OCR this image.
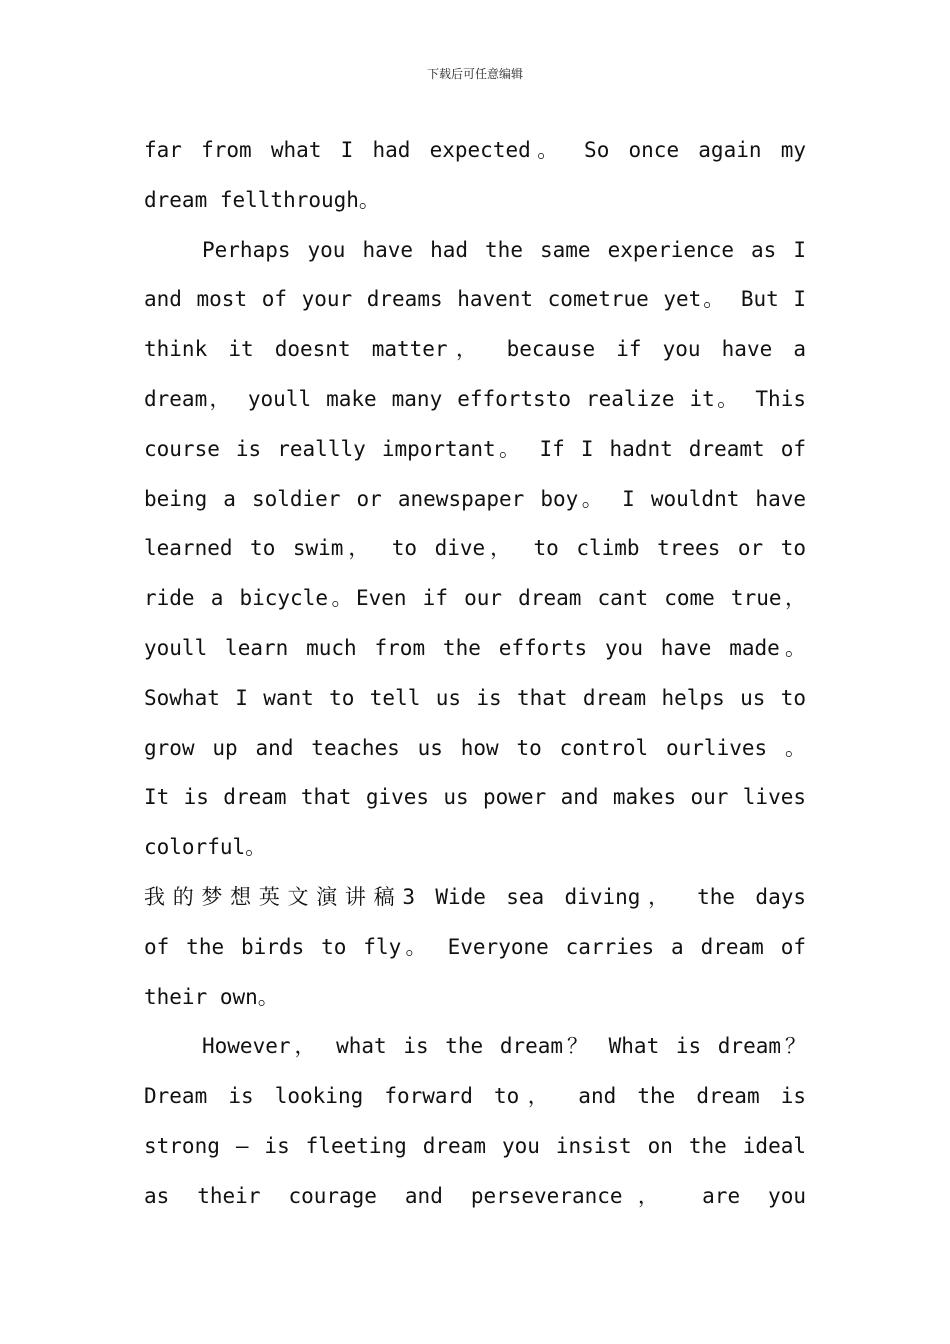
下载后可任意编辑
far from what I had expected。 So once again my
dream fellthrough。
Perhaps you have had the same experience as I
and most of your dreams havent cometrue yet。 But I
think it doesnt matter， because if you have a
dream， youll make many effortsto realize it。 This
course is reallly important。 If I hadnt dreamt of
being a soldier or anewspaper boy。 I wouldnt have
learned to swim， to dive， to climb trees or to
ride a bicycle。Even if our dream cant come true，
youll learn much from the efforts you have made。
Sowhat I want to tell us is that dream helps us to
grow up and teaches us how to control ourlives 。
It is dream that gives us power and makes our lives
colorful。
我的梦想英文演讲稿3 Wide sea diving， the days
of the birds to fly。 Everyone carries a dream of
their own。
However， what is the dream？ What is dream？
Dream is looking forward to， and the dream is
strong — is fleeting dream you insist on the ideal
as their courage and perseverance， are you
